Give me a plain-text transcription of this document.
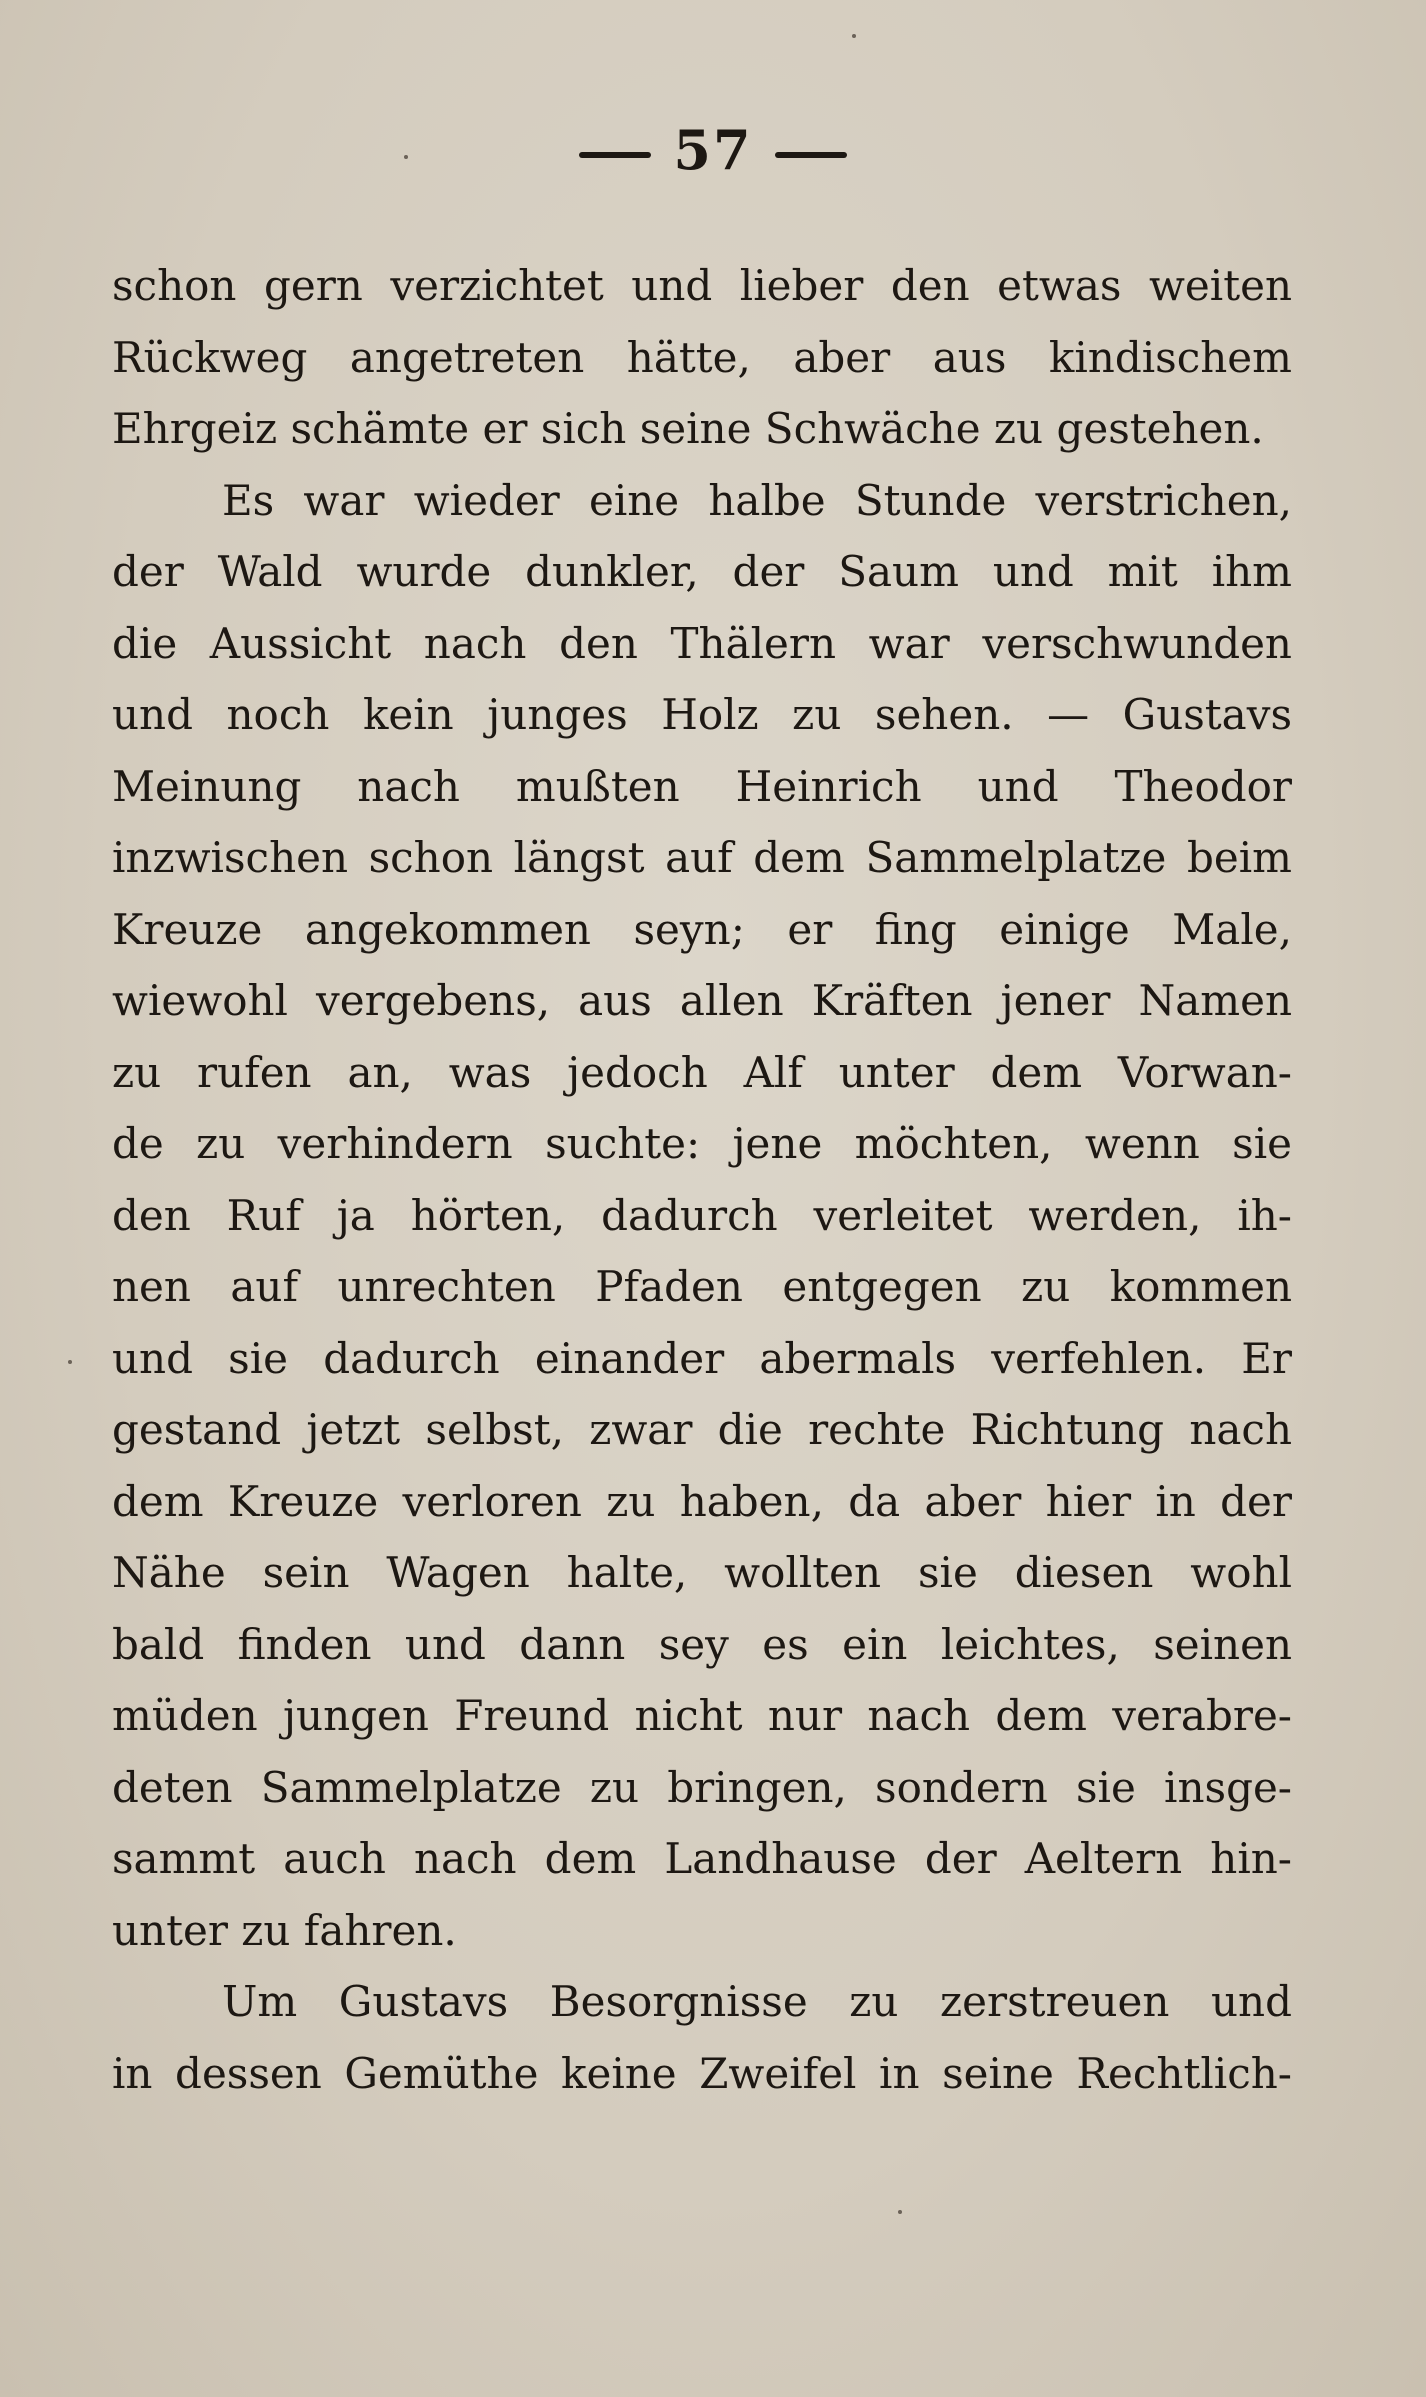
57
schon gern verzichtet und lieber den etwas weiten
Rückweg angetreten hätte, aber aus kindischem
Ehrgeiz schämte er sich seine Schwäche zu gestehen.
Es war wieder eine halbe Stunde verstrichen,
der Wald wurde dunkler, der Saum und mit ihm
die Aussicht nach den Thälern war verschwunden
und noch kein junges Holz zu sehen. — Gustavs
Meinung nach mußten Heinrich und Theodor
inzwischen schon längst auf dem Sammelplatze beim
Kreuze angekommen seyn; er fing einige Male,
wiewohl vergebens, aus allen Kräften jener Namen
zu rufen an, was jedoch Alf unter dem Vorwan-
de zu verhindern suchte: jene möchten, wenn sie
den Ruf ja hörten, dadurch verleitet werden, ih-
nen auf unrechten Pfaden entgegen zu kommen
und sie dadurch einander abermals verfehlen. Er
gestand jetzt selbst, zwar die rechte Richtung nach
dem Kreuze verloren zu haben, da aber hier in der
Nähe sein Wagen halte, wollten sie diesen wohl
bald finden und dann sey es ein leichtes, seinen
müden jungen Freund nicht nur nach dem verabre-
deten Sammelplatze zu bringen, sondern sie insge-
sammt auch nach dem Landhause der Aeltern hin-
unter zu fahren.
Um Gustavs Besorgnisse zu zerstreuen und
in dessen Gemüthe keine Zweifel in seine Rechtlich-
